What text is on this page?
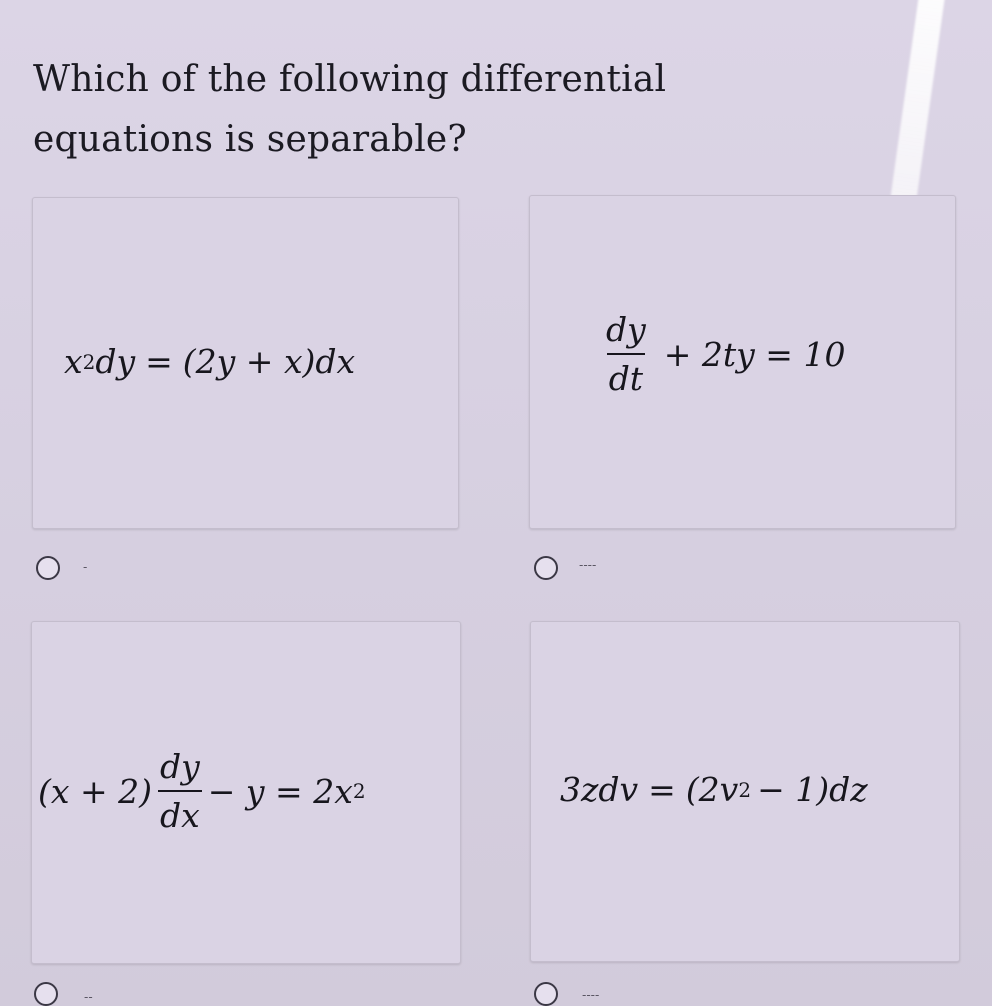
Which of the following differential
equations is separable?
x 2 dy = (2y + x)dx
-
$\frac{dy}{dt} + 2ty = 10$
----
$(x + 2) \frac{dy}{dx} - y = 2x$ 2
--
3zdv = (2v 2 − 1)dz
----
